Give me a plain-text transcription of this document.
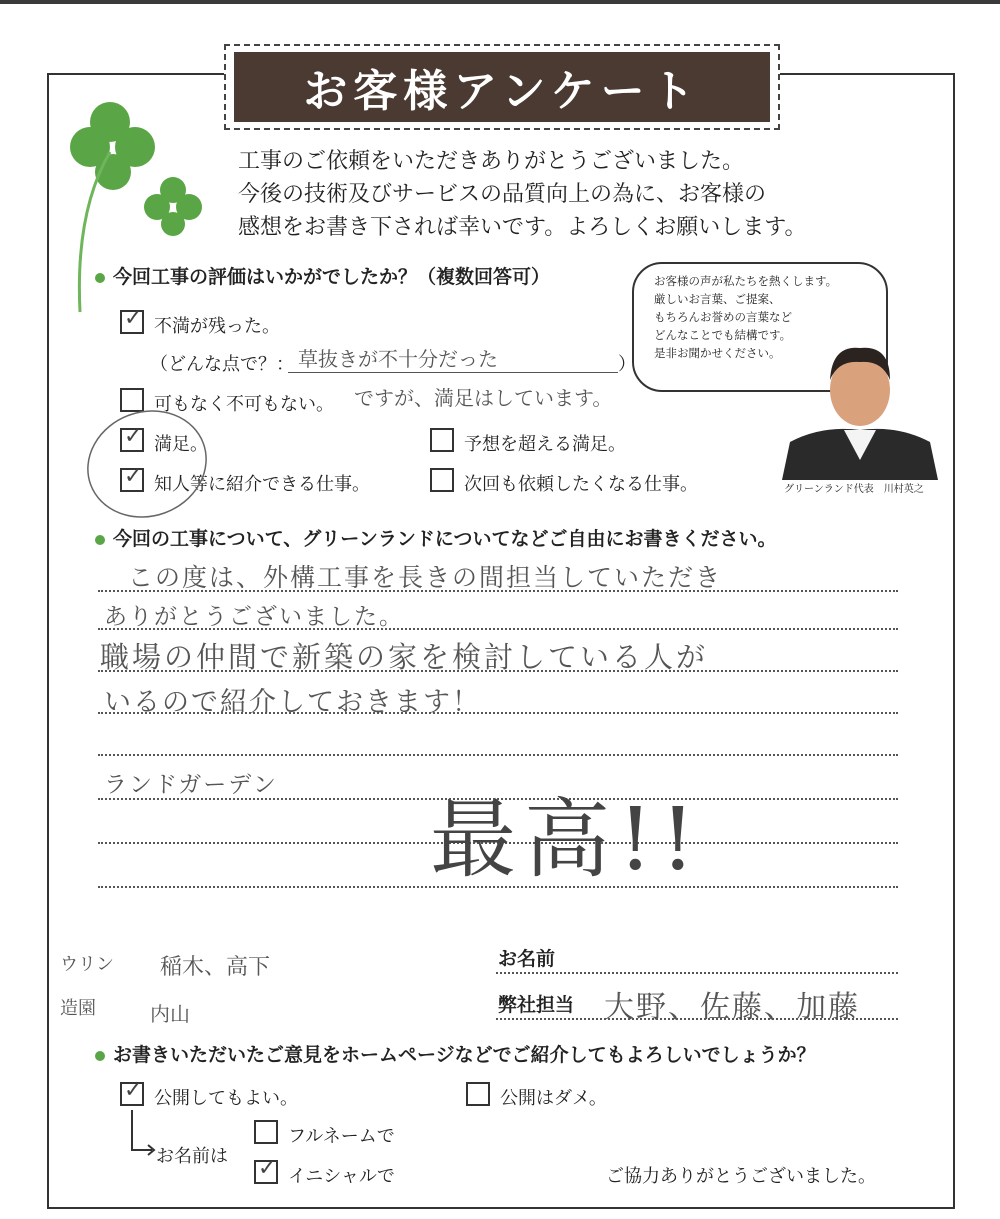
お客様アンケート
工事のご依頼をいただきありがとうございました。
今後の技術及びサービスの品質向上の為に、お客様の
感想をお書き下されば幸いです。よろしくお願いします。
お客様の声が私たちを熱くします。
厳しいお言葉、ご提案、
もちろんお誉めの言葉など
どんなことでも結構です。
是非お聞かせください。
グリーンランド代表　川村英之
今回工事の評価はいかがでしたか？（複数回答可）
✓ 不満が残った。
（どんな点で？： 草抜きが不十分だった	）
可もなく不可もない。 ですが、満足はしています。
✓ 満足。	予想を超える満足。
✓ 知人等に紹介できる仕事。	次回も依頼したくなる仕事。
今回の工事について、グリーンランドについてなどご自由にお書きください。
この度は、外構工事を長きの間担当していただき
ありがとうございました。
職場の仲間で新築の家を検討している人が
いるので紹介しておきます！
ランドガーデン
最高!!
ウリン 稲木、高下
造園	内山
お名前
弊社担当 大野、佐藤、加藤
お書きいただいたご意見をホームページなどでご紹介してもよろしいでしょうか？
✓ 公開してもよい。	公開はダメ。
お名前は
フルネームで
✓ イニシャルで	ご協力ありがとうございました。
